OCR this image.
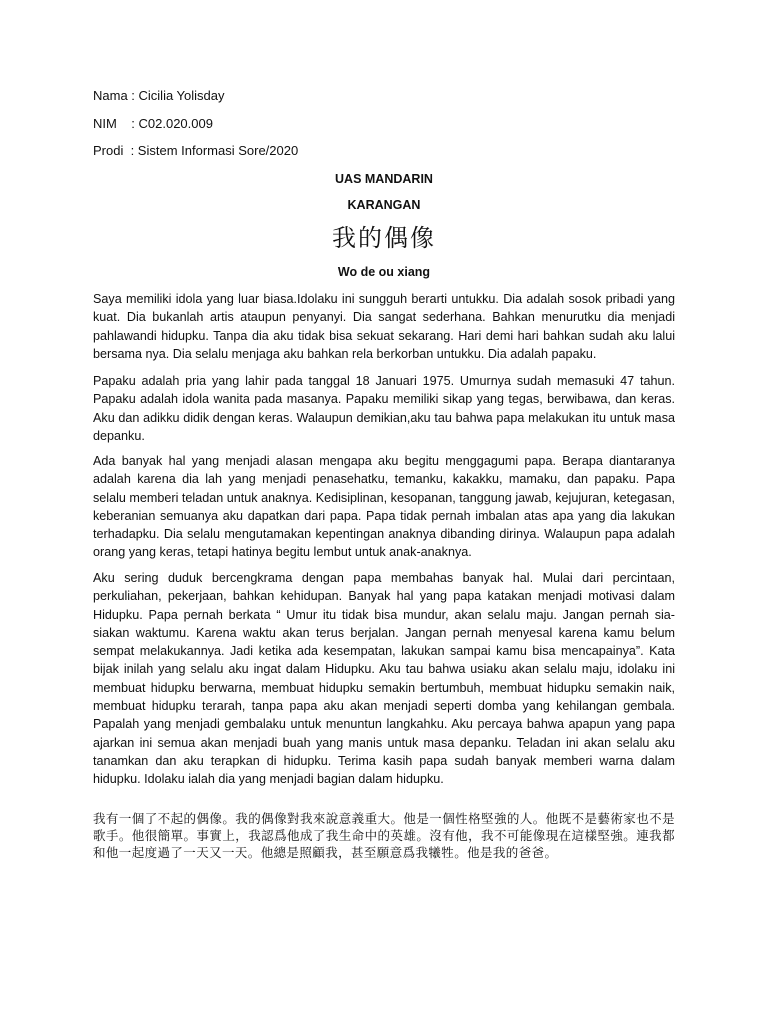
Nama : Cicilia Yolisday
NIM    : C02.020.009
Prodi  : Sistem Informasi Sore/2020
UAS MANDARIN
KARANGAN
我的偶像
Wo de ou xiang

Saya memiliki idola yang luar biasa.Idolaku ini sungguh berarti untukku. Dia adalah sosok pribadi yang kuat. Dia bukanlah artis ataupun penyanyi. Dia sangat sederhana. Bahkan menurutku dia menjadi pahlawandi hidupku. Tanpa dia aku tidak bisa sekuat sekarang. Hari demi hari bahkan sudah aku lalui bersama nya. Dia selalu menjaga aku bahkan rela berkorban untukku. Dia adalah papaku.

Papaku adalah pria yang lahir pada tanggal 18 Januari 1975. Umurnya sudah memasuki 47 tahun. Papaku adalah idola wanita pada masanya. Papaku memiliki sikap yang tegas, berwibawa, dan keras. Aku dan adikku didik dengan keras. Walaupun demikian,aku tau bahwa papa melakukan itu untuk masa depanku.

Ada banyak hal yang menjadi alasan mengapa aku begitu menggagumi papa. Berapa diantaranya adalah karena dia lah yang menjadi penasehatku, temanku, kakakku, mamaku, dan papaku. Papa selalu memberi teladan untuk anaknya. Kedisiplinan, kesopanan, tanggung jawab, kejujuran, ketegasan, keberanian semuanya aku dapatkan dari papa. Papa tidak pernah imbalan atas apa yang dia lakukan terhadapku. Dia selalu mengutamakan kepentingan anaknya dibanding dirinya. Walaupun papa adalah orang yang keras, tetapi hatinya begitu lembut untuk anak-anaknya.

Aku sering duduk bercengkrama dengan papa membahas banyak hal. Mulai dari percintaan, perkuliahan, pekerjaan, bahkan kehidupan. Banyak hal yang papa katakan menjadi motivasi dalam Hidupku. Papa pernah berkata “ Umur itu tidak bisa mundur, akan selalu maju. Jangan pernah sia-siakan waktumu. Karena waktu akan terus berjalan. Jangan pernah menyesal karena kamu belum sempat melakukannya. Jadi ketika ada kesempatan, lakukan sampai kamu bisa mencapainya”. Kata bijak inilah yang selalu aku ingat dalam Hidupku. Aku tau bahwa usiaku akan selalu maju, idolaku ini membuat hidupku berwarna, membuat hidupku semakin bertumbuh, membuat hidupku semakin naik, membuat hidupku terarah, tanpa papa aku akan menjadi seperti domba yang kehilangan gembala. Papalah yang menjadi gembalaku untuk menuntun langkahku. Aku percaya bahwa apapun yang papa ajarkan ini semua akan menjadi buah yang manis untuk masa depanku. Teladan ini akan selalu aku tanamkan dan aku terapkan di hidupku. Terima kasih papa sudah banyak memberi warna dalam hidupku. Idolaku ialah dia yang menjadi bagian dalam hidupku.

我有一個了不起的偶像。我的偶像對我來說意義重大。他是一個性格堅強的人。他既不是藝術家也不是歌手。他很簡單。事實上，我認爲他成了我生命中的英雄。沒有他，我不可能像現在這樣堅強。連我都和他一起度過了一天又一天。他總是照顧我，甚至願意爲我犧牲。他是我的爸爸。
